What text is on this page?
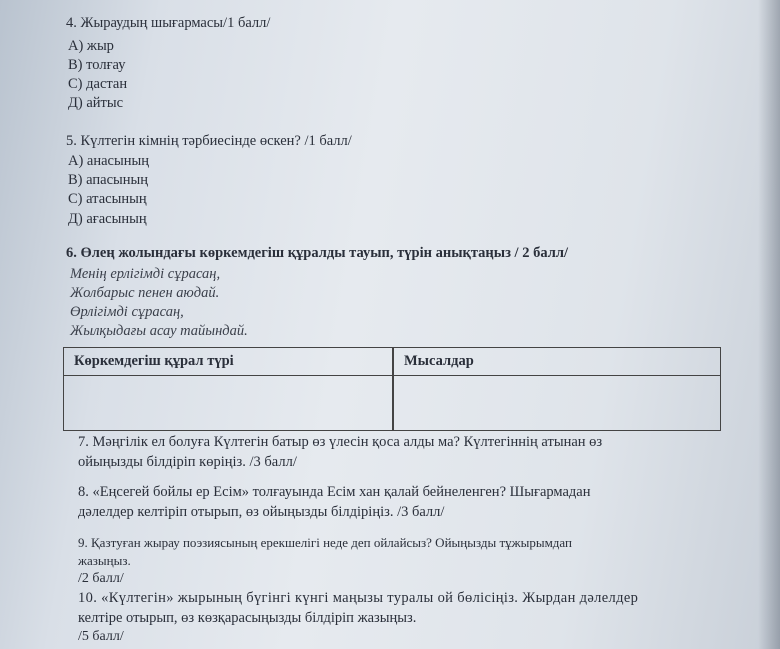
4. Жыраудың шығармасы/1 балл/
А) жыр
В) толғау
С) дастан
Д) айтыс
5. Күлтегін кімнің тәрбиесінде өскен? /1 балл/
А) анасының
В) апасының
С) атасының
Д) ағасының
6. Өлең жолындағы көркемдегіш құралды тауып, түрін анықтаңыз / 2 балл/
Менің ерлігімді сұрасаң,
Жолбарыс пенен аюдай.
Өрлігімді сұрасаң,
Жылқыдағы асау тайындай.
Көркемдегіш құрал түрі	Мысалдар
7. Мәңгілік ел болуға Күлтегін батыр өз үлесін қоса алды ма? Күлтегіннің атынан өз
ойыңызды білдіріп көріңіз. /3 балл/
8. «Еңсегей бойлы ер Есім» толғауында Есім хан қалай бейнеленген? Шығармадан
дәлелдер келтіріп отырып, өз ойыңызды білдіріңіз. /3 балл/
9. Қазтуған жырау поэзиясының ерекшелігі неде деп ойлайсыз? Ойыңызды тұжырымдап
жазыңыз.
/2 балл/
10. «Күлтегін» жырының бүгінгі күнгі маңызы туралы ой бөлісіңіз. Жырдан дәлелдер
келтіре отырып, өз көзқарасыңызды білдіріп жазыңыз.
/5 балл/
